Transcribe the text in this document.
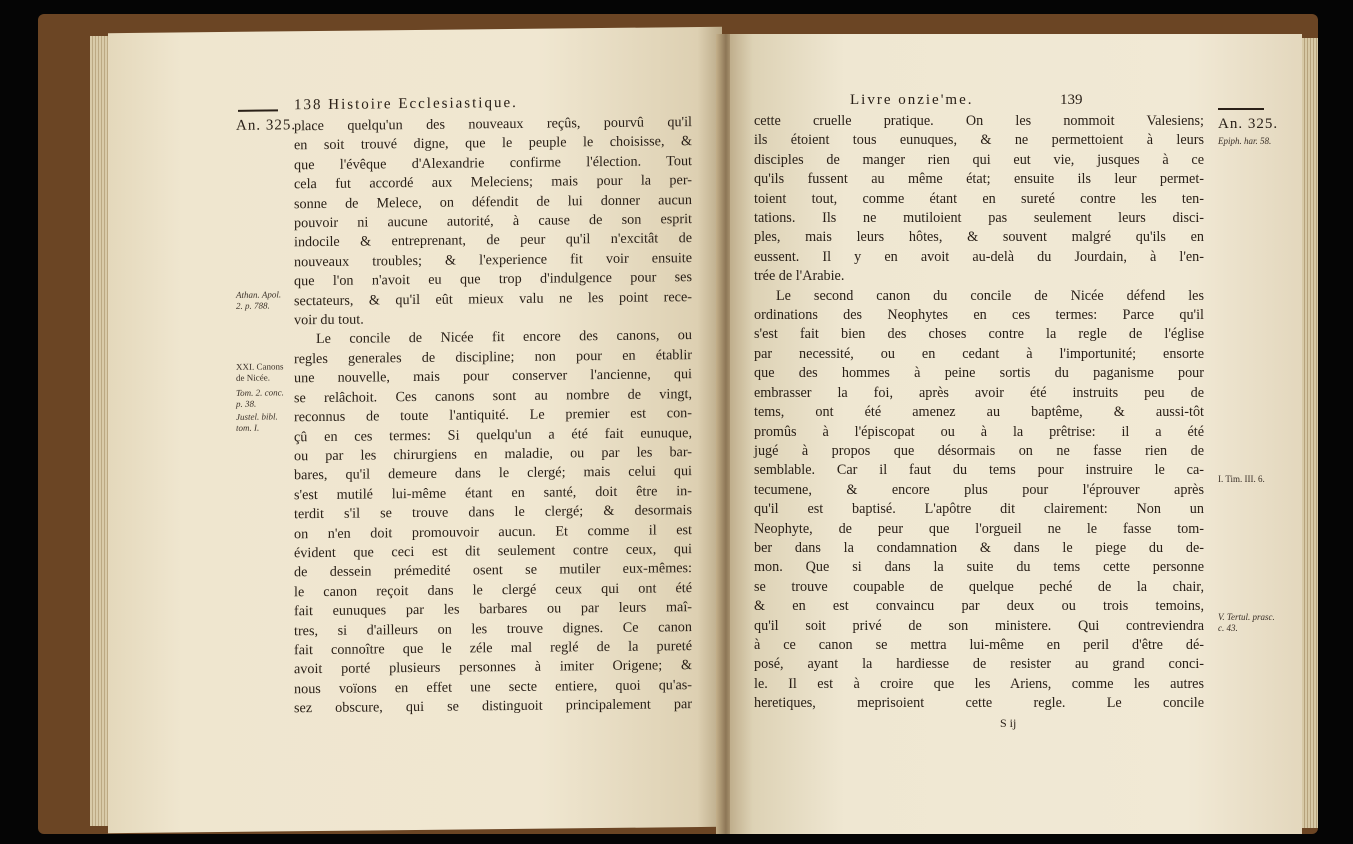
An. 325.
138 Histoire Ecclesiastique.
Athan. Apol. 2. p. 788.
XXI. Canons de Nicée.
Tom. 2. conc. p. 38.
Justel. bibl. tom. I.
place quelqu'un des nouveaux reçûs, pourvû qu'il
en soit trouvé digne, que le peuple le choisisse, &
que l'évêque d'Alexandrie confirme l'élection. Tout
cela fut accordé aux Meleciens; mais pour la per-
sonne de Melece, on défendit de lui donner aucun
pouvoir ni aucune autorité, à cause de son esprit
indocile & entreprenant, de peur qu'il n'excitât de
nouveaux troubles; & l'experience fit voir ensuite
que l'on n'avoit eu que trop d'indulgence pour ses
sectateurs, & qu'il eût mieux valu ne les point rece-
voir du tout.
Le concile de Nicée fit encore des canons, ou
regles generales de discipline; non pour en établir
une nouvelle, mais pour conserver l'ancienne, qui
se relâchoit. Ces canons sont au nombre de vingt,
reconnus de toute l'antiquité. Le premier est con-
çû en ces termes: Si quelqu'un a été fait eunuque,
ou par les chirurgiens en maladie, ou par les bar-
bares, qu'il demeure dans le clergé; mais celui qui
s'est mutilé lui-même étant en santé, doit être in-
terdit s'il se trouve dans le clergé; & desormais
on n'en doit promouvoir aucun. Et comme il est
évident que ceci est dit seulement contre ceux, qui
de dessein prémedité osent se mutiler eux-mêmes:
le canon reçoit dans le clergé ceux qui ont été
fait eunuques par les barbares ou par leurs maî-
tres, si d'ailleurs on les trouve dignes. Ce canon
fait connoître que le zéle mal reglé de la pureté
avoit porté plusieurs personnes à imiter Origene; &
nous voïons en effet une secte entiere, quoi qu'as-
sez obscure, qui se distinguoit principalement par
Livre onzie'me.	139
An. 325.
Epiph. har. 58.
I. Tim. III. 6.
V. Tertul. prasc. c. 43.
cette cruelle pratique. On les nommoit Valesiens;
ils étoient tous eunuques, & ne permettoient à leurs
disciples de manger rien qui eut vie, jusques à ce
qu'ils fussent au même état; ensuite ils leur permet-
toient tout, comme étant en sureté contre les ten-
tations. Ils ne mutiloient pas seulement leurs disci-
ples, mais leurs hôtes, & souvent malgré qu'ils en
eussent. Il y en avoit au-delà du Jourdain, à l'en-
trée de l'Arabie.
Le second canon du concile de Nicée défend les
ordinations des Neophytes en ces termes: Parce qu'il
s'est fait bien des choses contre la regle de l'église
par necessité, ou en cedant à l'importunité; ensorte
que des hommes à peine sortis du paganisme pour
embrasser la foi, après avoir été instruits peu de
tems, ont été amenez au baptême, & aussi-tôt
promûs à l'épiscopat ou à la prêtrise: il a été
jugé à propos que désormais on ne fasse rien de
semblable. Car il faut du tems pour instruire le ca-
tecumene, & encore plus pour l'éprouver après
qu'il est baptisé. L'apôtre dit clairement: Non un
Neophyte, de peur que l'orgueil ne le fasse tom-
ber dans la condamnation & dans le piege du de-
mon. Que si dans la suite du tems cette personne
se trouve coupable de quelque peché de la chair,
& en est convaincu par deux ou trois temoins,
qu'il soit privé de son ministere. Qui contreviendra
à ce canon se mettra lui-même en peril d'être dé-
posé, ayant la hardiesse de resister au grand conci-
le. Il est à croire que les Ariens, comme les autres
heretiques, meprisoient cette regle. Le concile
S ij
